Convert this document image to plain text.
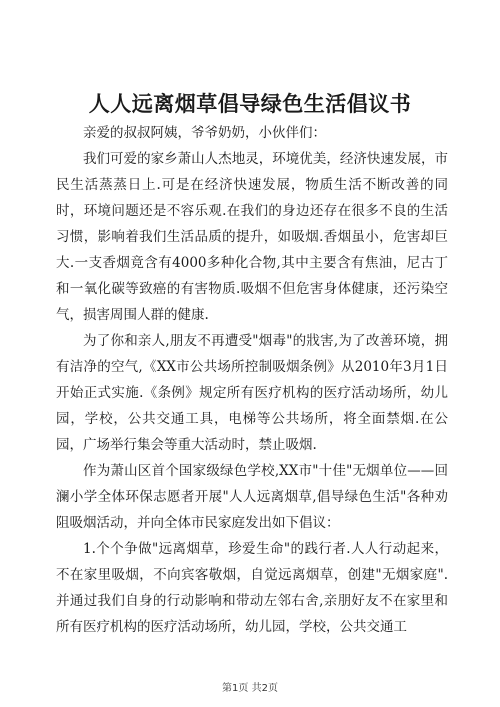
人人远离烟草倡导绿色生活倡议书

亲爱的叔叔阿姨，爷爷奶奶，小伙伴们：

我们可爱的家乡萧山人杰地灵，环境优美，经济快速发展，市民生活蒸蒸日上.可是在经济快速发展，物质生活不断改善的同时，环境问题还是不容乐观.在我们的身边还存在很多不良的生活习惯，影响着我们生活品质的提升，如吸烟.香烟虽小，危害却巨大.一支香烟竟含有4000多种化合物,其中主要含有焦油，尼古丁和一氧化碳等致癌的有害物质.吸烟不但危害身体健康，还污染空气，损害周围人群的健康.

为了你和亲人,朋友不再遭受"烟毒"的戕害,为了改善环境，拥有洁净的空气,《XX市公共场所控制吸烟条例》从2010年3月1日开始正式实施.《条例》规定所有医疗机构的医疗活动场所，幼儿园，学校，公共交通工具，电梯等公共场所，将全面禁烟.在公园，广场举行集会等重大活动时，禁止吸烟.

作为萧山区首个国家级绿色学校,XX市"十佳"无烟单位——回澜小学全体环保志愿者开展"人人远离烟草,倡导绿色生活"各种劝阻吸烟活动，并向全体市民家庭发出如下倡议：

1.个个争做"远离烟草，珍爱生命"的践行者.人人行动起来，不在家里吸烟，不向宾客敬烟，自觉远离烟草，创建"无烟家庭".并通过我们自身的行动影响和带动左邻右舍,亲朋好友不在家里和所有医疗机构的医疗活动场所，幼儿园，学校，公共交通工

第1页 共2页
